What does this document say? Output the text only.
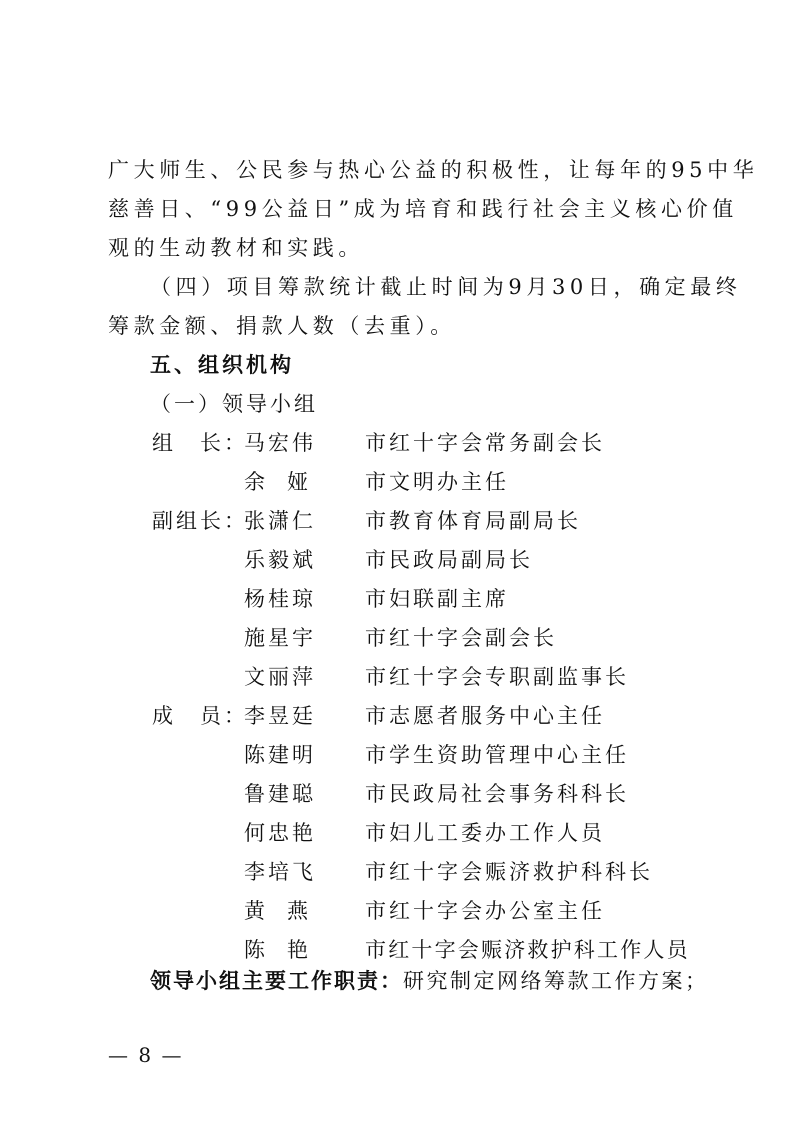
广大师生、公民参与热心公益的积极性，让每年的95中华
慈善日、“99公益日”成为培育和践行社会主义核心价值
观的生动教材和实践。
（四）项目筹款统计截止时间为9月30日，确定最终
筹款金额、捐款人数（去重）。
五、组织机构
（一）领导小组
组　长：
马宏伟 市红十字会常务副会长
余娅 市文明办主任
副组长：
张潇仁 市教育体育局副局长
乐毅斌 市民政局副局长
杨桂琼 市妇联副主席
施星宇 市红十字会副会长
文丽萍 市红十字会专职副监事长
成　员：
李昱廷 市志愿者服务中心主任
陈建明 市学生资助管理中心主任
鲁建聪 市民政局社会事务科科长
何忠艳 市妇儿工委办工作人员
李培飞 市红十字会赈济救护科科长
黄燕 市红十字会办公室主任
陈艳 市红十字会赈济救护科工作人员
领导小组主要工作职责：研究制定网络筹款工作方案；
— 8 —
